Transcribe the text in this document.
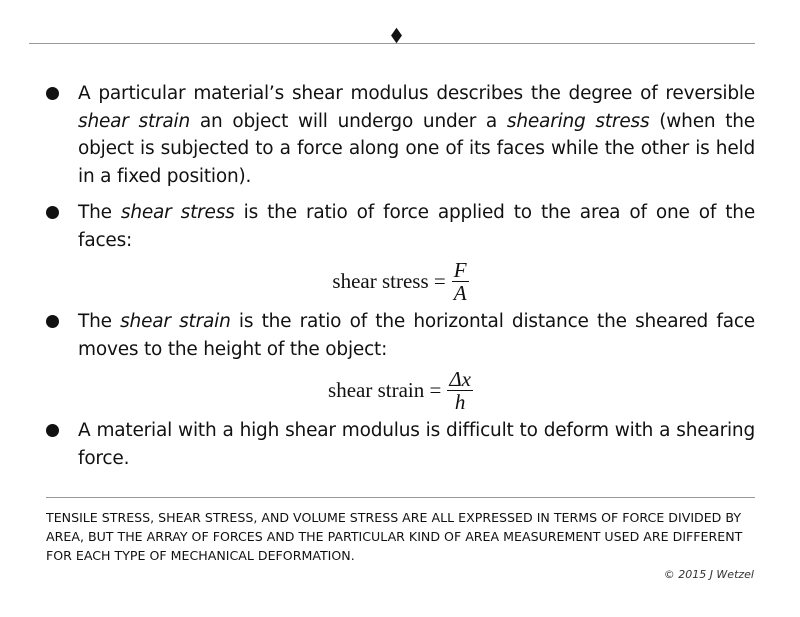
A particular material’s shear modulus describes the degree of reversible shear strain an object will undergo under a shearing stress (when the object is subjected to a force along one of its faces while the other is held in a fixed position).
The shear stress is the ratio of force applied to the area of one of the faces:
shear stress = $\frac{F}{A}$
The shear strain is the ratio of the horizontal distance the sheared face moves to the height of the object:
shear strain = $\frac{\Delta x}{h}$
A material with a high shear modulus is difficult to deform with a shearing force.
TENSILE STRESS, SHEAR STRESS, AND VOLUME STRESS ARE ALL EXPRESSED IN TERMS OF FORCE DIVIDED BY AREA, BUT THE ARRAY OF FORCES AND THE PARTICULAR KIND OF AREA MEASUREMENT USED ARE DIFFERENT FOR EACH TYPE OF MECHANICAL DEFORMATION.
© 2015 J Wetzel
